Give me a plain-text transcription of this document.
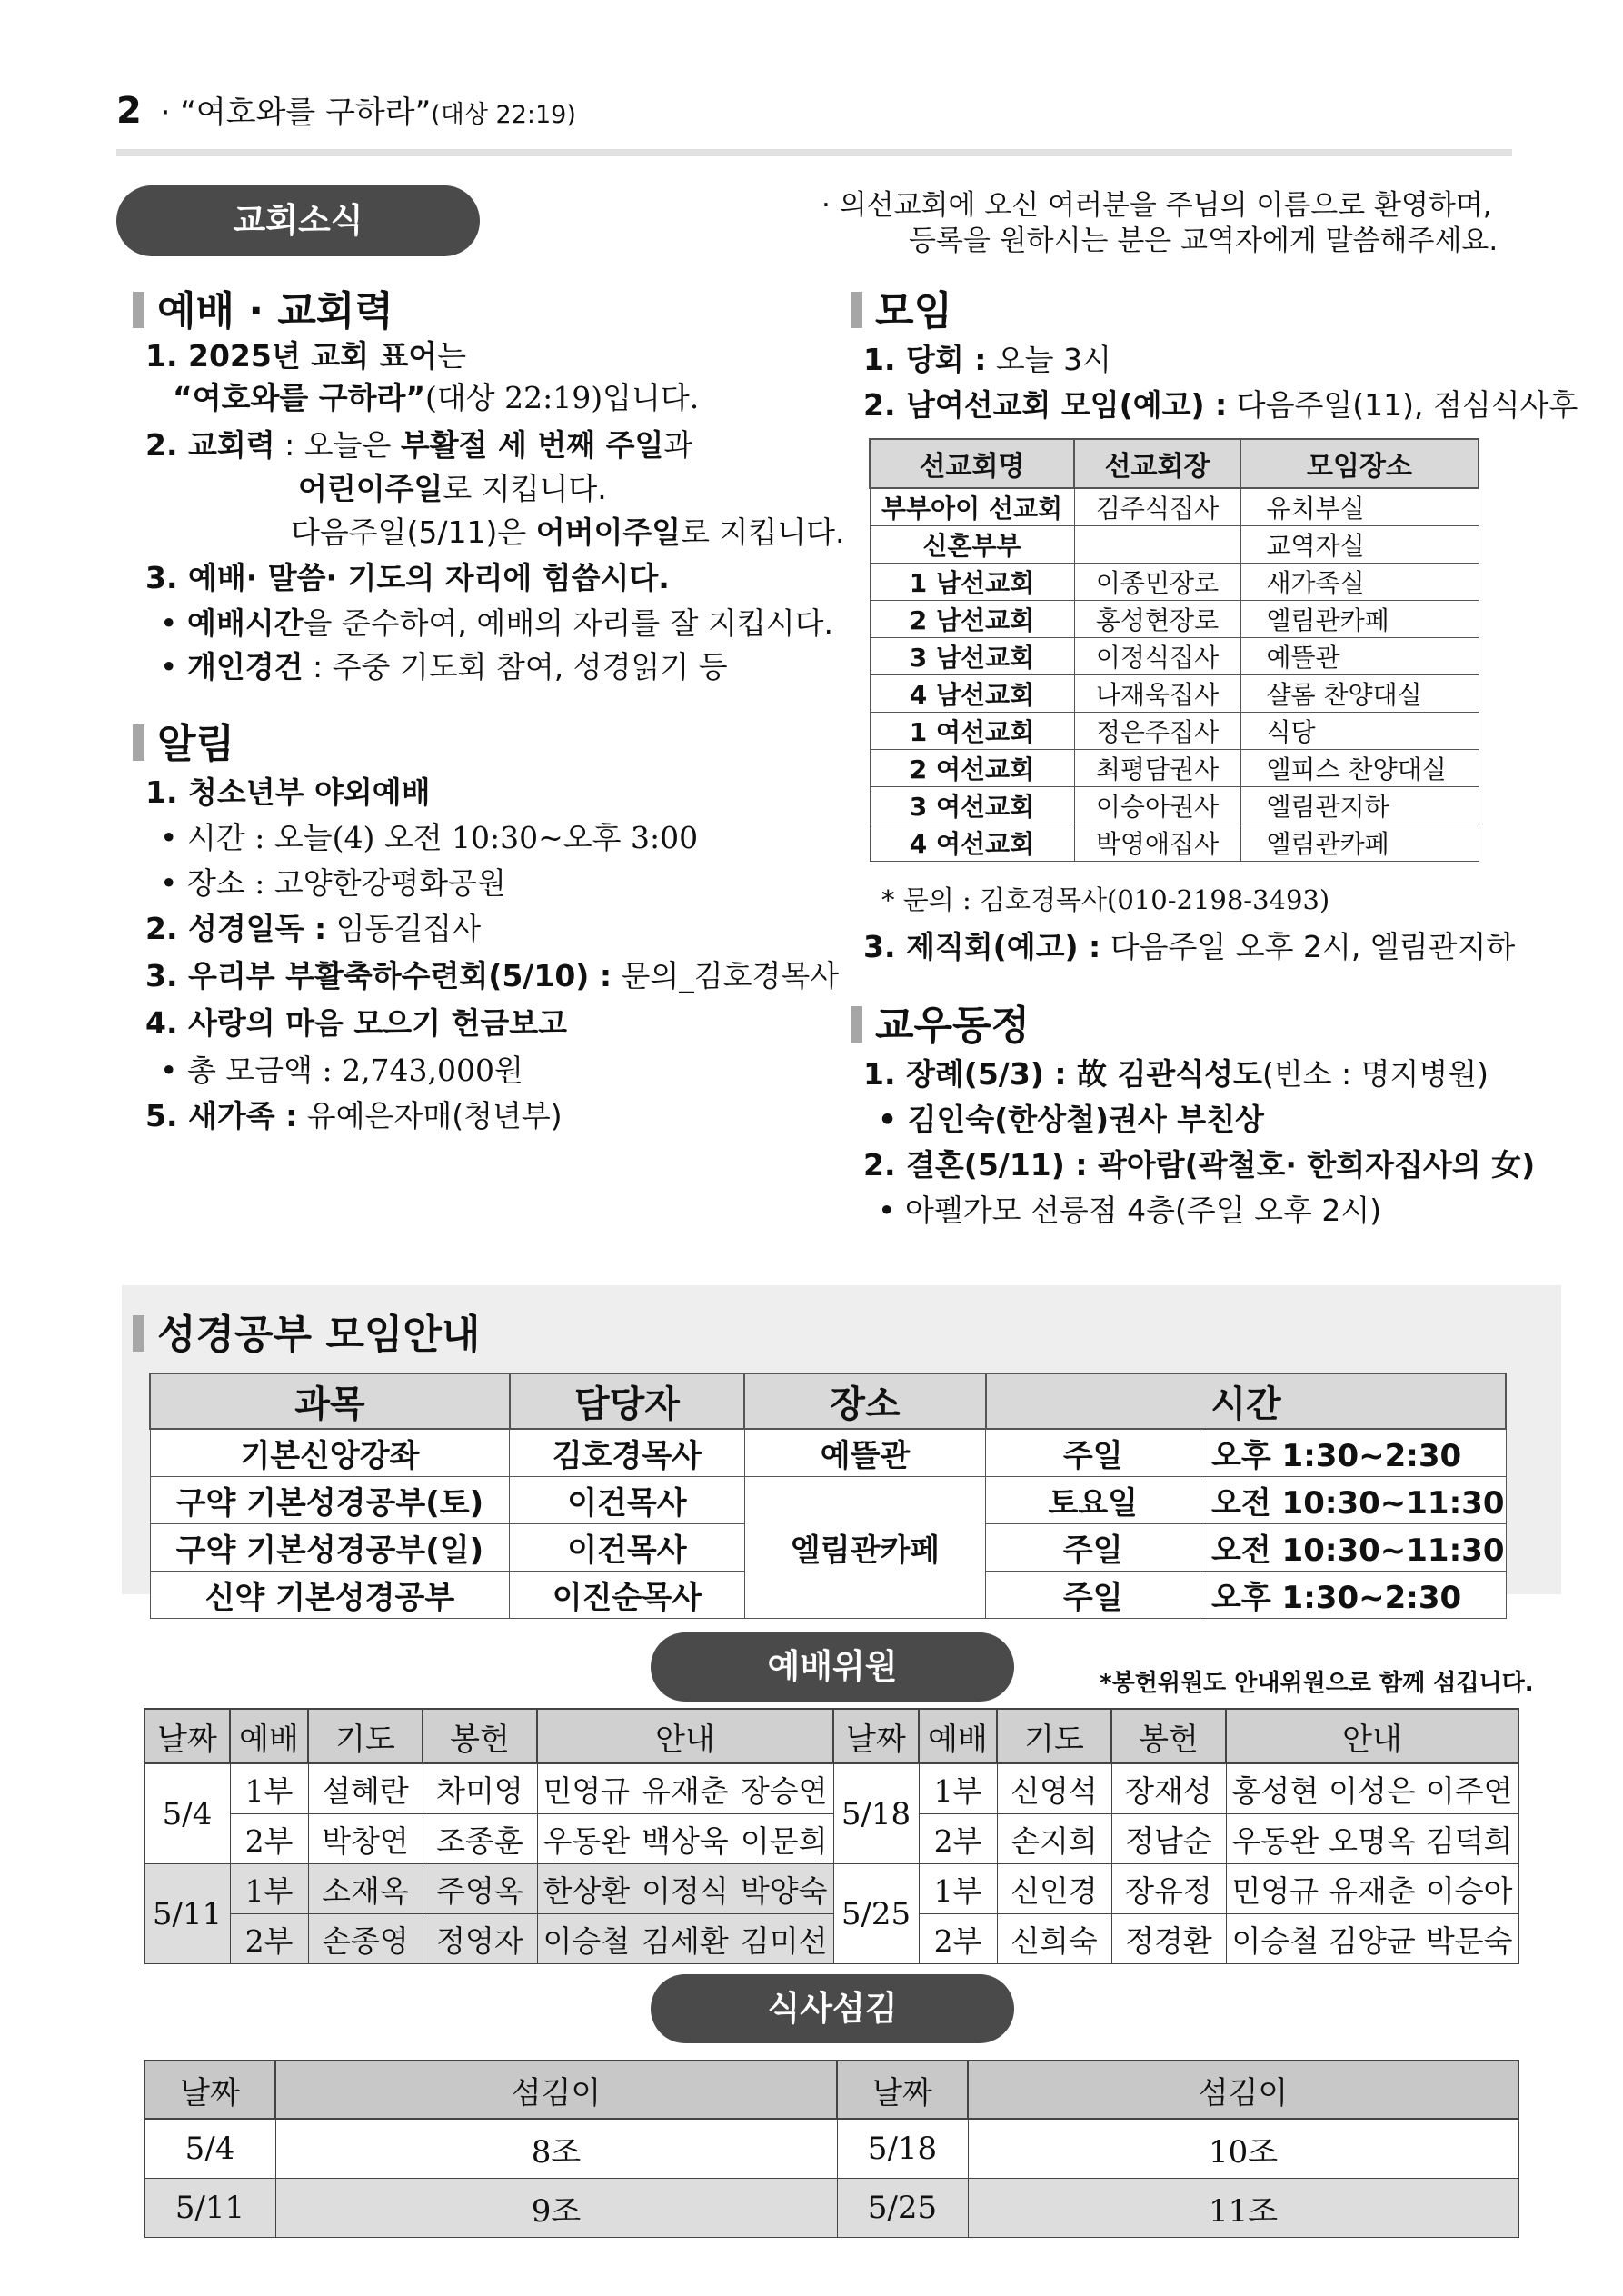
2 · “여호와를 구하라”(대상 22:19)
교회소식	· 의선교회에 오신 여러분을 주님의 이름으로 환영하며,
등록을 원하시는 분은 교역자에게 말씀해주세요.
예배 · 교회력
1. 2025년 교회 표어는
“여호와를 구하라”(대상 22:19)입니다.
2. 교회력 : 오늘은 부활절 세 번째 주일과
어린이주일로 지킵니다.
다음주일(5/11)은 어버이주일로 지킵니다.
3. 예배· 말씀· 기도의 자리에 힘씁시다.
• 예배시간을 준수하여, 예배의 자리를 잘 지킵시다.
• 개인경건 : 주중 기도회 참여, 성경읽기 등
알림
1. 청소년부 야외예배
• 시간 : 오늘(4) 오전 10:30~오후 3:00
• 장소 : 고양한강평화공원
2. 성경일독 : 임동길집사
3. 우리부 부활축하수련회(5/10) : 문의_김호경목사
4. 사랑의 마음 모으기 헌금보고
• 총 모금액 : 2,743,000원
5. 새가족 : 유예은자매(청년부)
모임
1. 당회 : 오늘 3시
2. 남여선교회 모임(예고) : 다음주일(11), 점심식사후
선교회명	선교회장	모임장소
부부아이 선교회	김주식집사	유치부실
신혼부부		교역자실
1 남선교회	이종민장로	새가족실
2 남선교회	홍성현장로	엘림관카페
3 남선교회	이정식집사	예뜰관
4 남선교회	나재욱집사	샬롬 찬양대실
1 여선교회	정은주집사	식당
2 여선교회	최평담권사	엘피스 찬양대실
3 여선교회	이승아권사	엘림관지하
4 여선교회	박영애집사	엘림관카페
* 문의 : 김호경목사(010-2198-3493)
3. 제직회(예고) : 다음주일 오후 2시, 엘림관지하
교우동정
1. 장례(5/3) : 故 김관식성도(빈소 : 명지병원)
• 김인숙(한상철)권사 부친상
2. 결혼(5/11) : 곽아람(곽철호· 한희자집사의 女)
• 아펠가모 선릉점 4층(주일 오후 2시)
성경공부 모임안내
과목	담당자	장소	시간	
기본신앙강좌	김호경목사	예뜰관	주일	오후 1:30~2:30
구약 기본성경공부(토)	이건목사	엘림관카페	토요일	오전 10:30~11:30
구약 기본성경공부(일)	이건목사		주일	오전 10:30~11:30
신약 기본성경공부	이진순목사		주일	오후 1:30~2:30
예배위원	*봉헌위원도 안내위원으로 함께 섬깁니다.
날짜	예배	기도	봉헌	안내	날짜	예배	기도	봉헌	안내
5/4	1부	설혜란	차미영	민영규 유재춘 장승연	5/18	1부	신영석	장재성	홍성현 이성은 이주연
	2부	박창연	조종훈	우동완 백상욱 이문희		2부	손지희	정남순	우동완 오명옥 김덕희
5/11	1부	소재옥	주영옥	한상환 이정식 박양숙	5/25	1부	신인경	장유정	민영규 유재춘 이승아
	2부	손종영	정영자	이승철 김세환 김미선		2부	신희숙	정경환	이승철 김양균 박문숙
식사섬김
날짜	섬김이	날짜	섬김이
5/4	8조	5/18	10조
5/11	9조	5/25	11조
